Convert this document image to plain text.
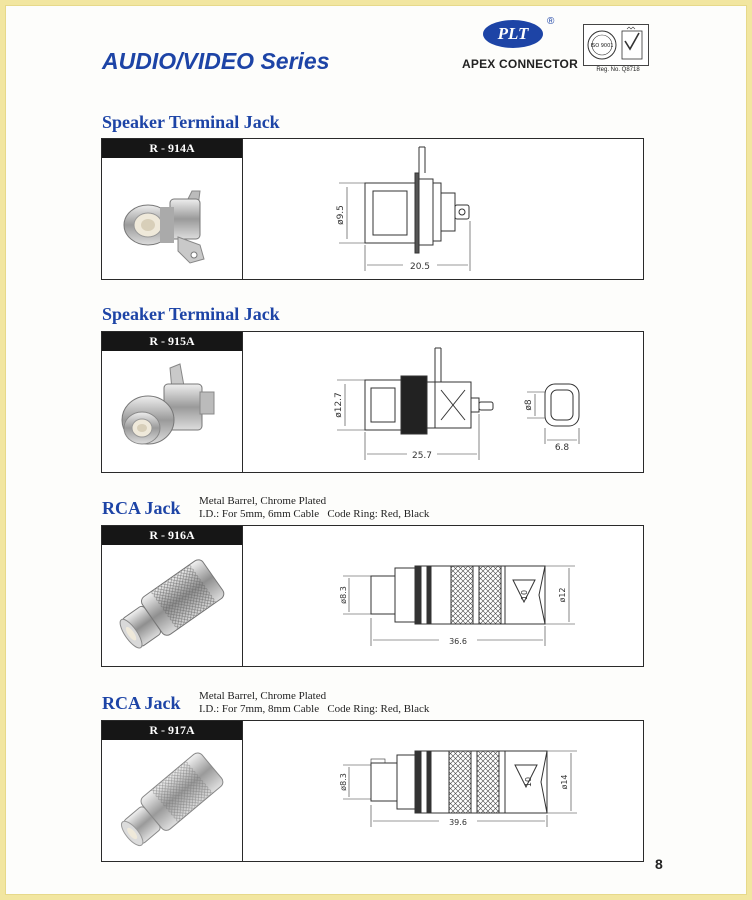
AUDIO/VIDEO Series
PLT
®
APEX CONNECTOR
ISO 9001
Reg. No. Q8718
Speaker Terminal Jack
R - 914A
ø9.5
20.5
Speaker Terminal Jack
R - 915A
ø12.7
25.7
ø8
6.8
RCA Jack Metal Barrel, Chrome Plated
I.D.: For 5mm, 6mm Cable   Code Ring: Red, Black
R - 916A
ø8.3	ø12
10
36.6
RCA Jack Metal Barrel, Chrome Plated
I.D.: For 7mm, 8mm Cable   Code Ring: Red, Black
R - 917A
ø8.3	10	ø14
39.6
8
